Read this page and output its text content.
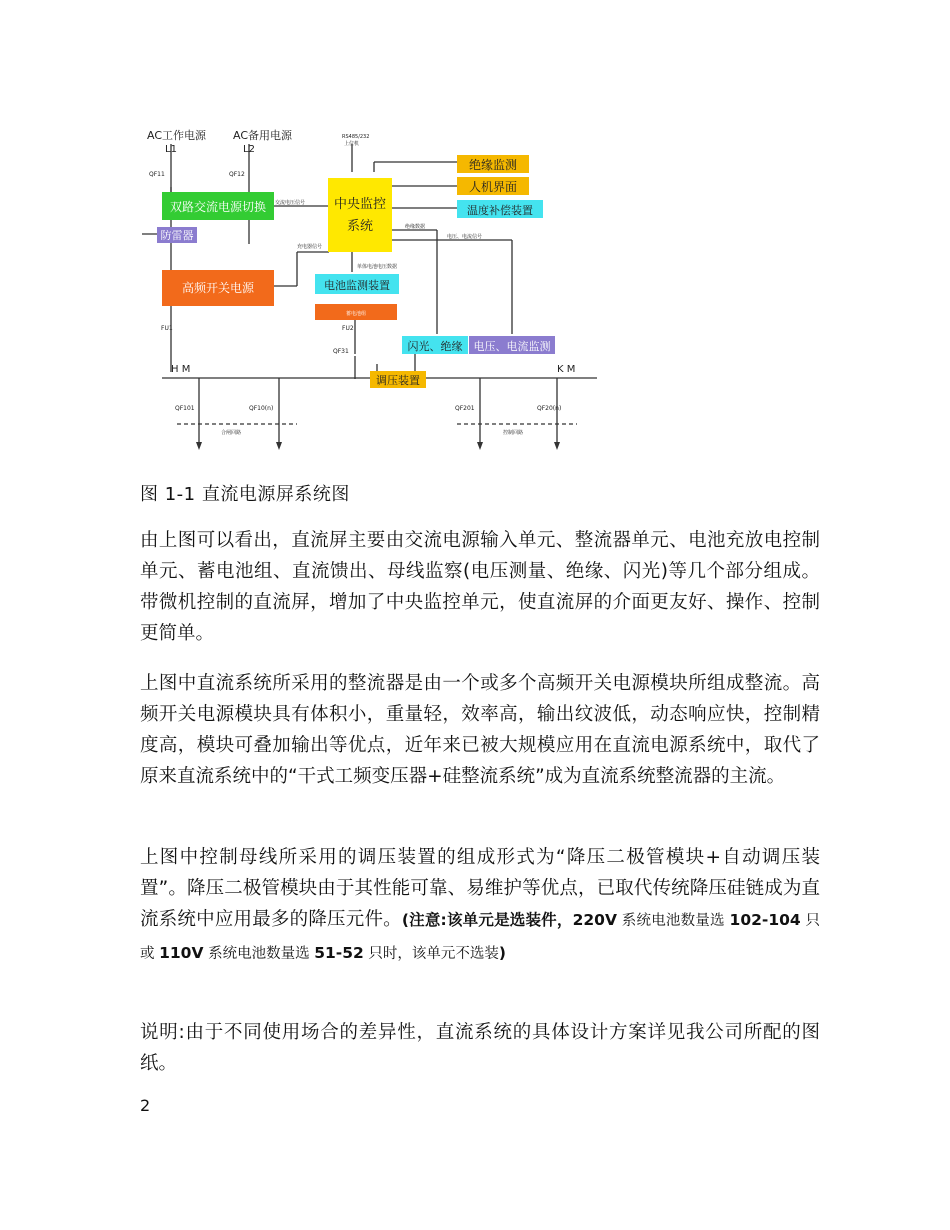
AC工作电源 AC备用电源
L1	L2
QF11	QF12
RS485/232
上位机
交流电压信号
充电器信号
单体电池电压数据
绝缘数据
电压、电流信号
FU1	FU2
QF31
H M	K M
QF101	QF10(n)	QF201	QF20(n)
合闸回路	控制回路
双路交流电源切换
防雷器
高频开关电源
中央监控
系统
绝缘监测
人机界面
温度补偿装置
电池监测装置
蓄电池组
闪光、绝缘 电压、电流监测
调压装置
图 1-1 直流电源屏系统图

由上图可以看出，直流屏主要由交流电源输入单元、整流器单元、电池充放电控制单元、蓄电池组、直流馈出、母线监察(电压测量、绝缘、闪光)等几个部分组成。带微机控制的直流屏，增加了中央监控单元，使直流屏的介面更友好、操作、控制更简单。

上图中直流系统所采用的整流器是由一个或多个高频开关电源模块所组成整流。高频开关电源模块具有体积小，重量轻，效率高，输出纹波低，动态响应快，控制精度高，模块可叠加输出等优点，近年来已被大规模应用在直流电源系统中，取代了原来直流系统中的“干式工频变压器+硅整流系统”成为直流系统整流器的主流。

上图中控制母线所采用的调压装置的组成形式为“降压二极管模块+自动调压装置”。降压二极管模块由于其性能可靠、易维护等优点，已取代传统降压硅链成为直流系统中应用最多的降压元件。(注意:该单元是选装件，220V 系统电池数量选 102-104 只或 110V 系统电池数量选 51-52 只时，该单元不选装)

说明:由于不同使用场合的差异性，直流系统的具体设计方案详见我公司所配的图纸。

2
